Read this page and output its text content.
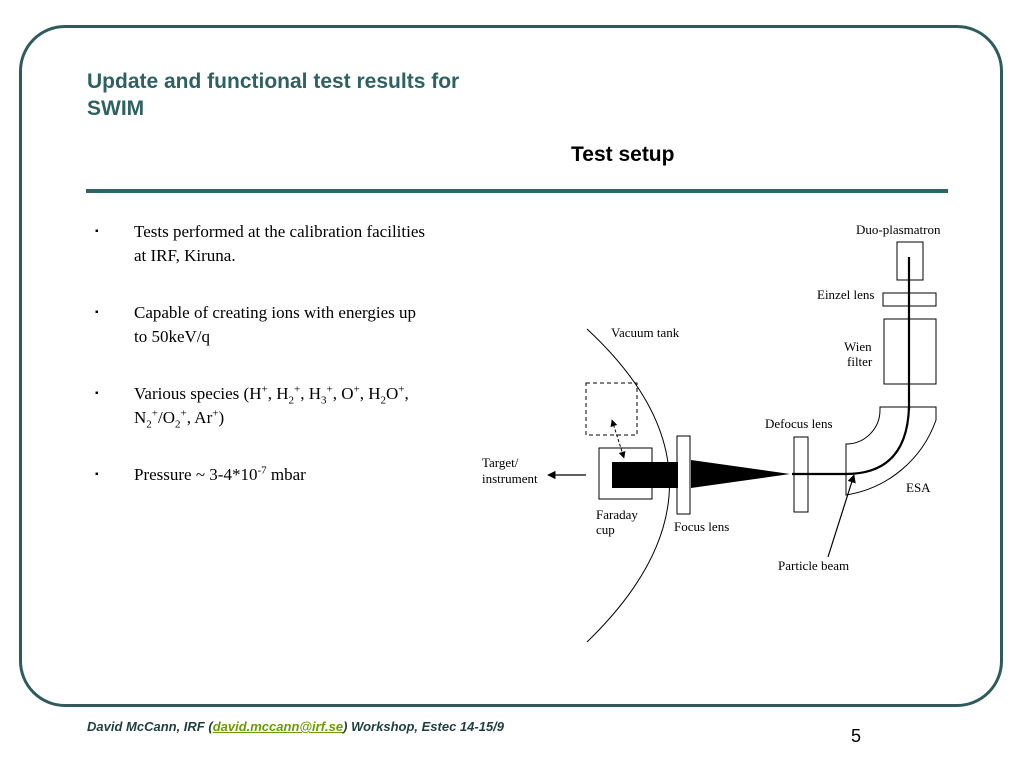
Update and functional test results for SWIM
Test setup
▪ Tests performed at the calibration facilities at IRF, Kiruna.
▪ Capable of creating ions with energies up to 50keV/q
▪ Various species (H+, $H_2^+$, $H_3^+$, O+, $H_2O^+$, $N_2^+/O_2^+$, Ar+)
▪ Pressure ~ $3-4*10^{-7}$ mbar
Duo-plasmatron
Einzel lens
Wien
filter
ESA
Defocus lens
Vacuum tank
Focus lens
Faraday
cup
Target/
instrument
Particle beam
David McCann, IRF (david.mccann@irf.se) Workshop, Estec 14-15/9	5
